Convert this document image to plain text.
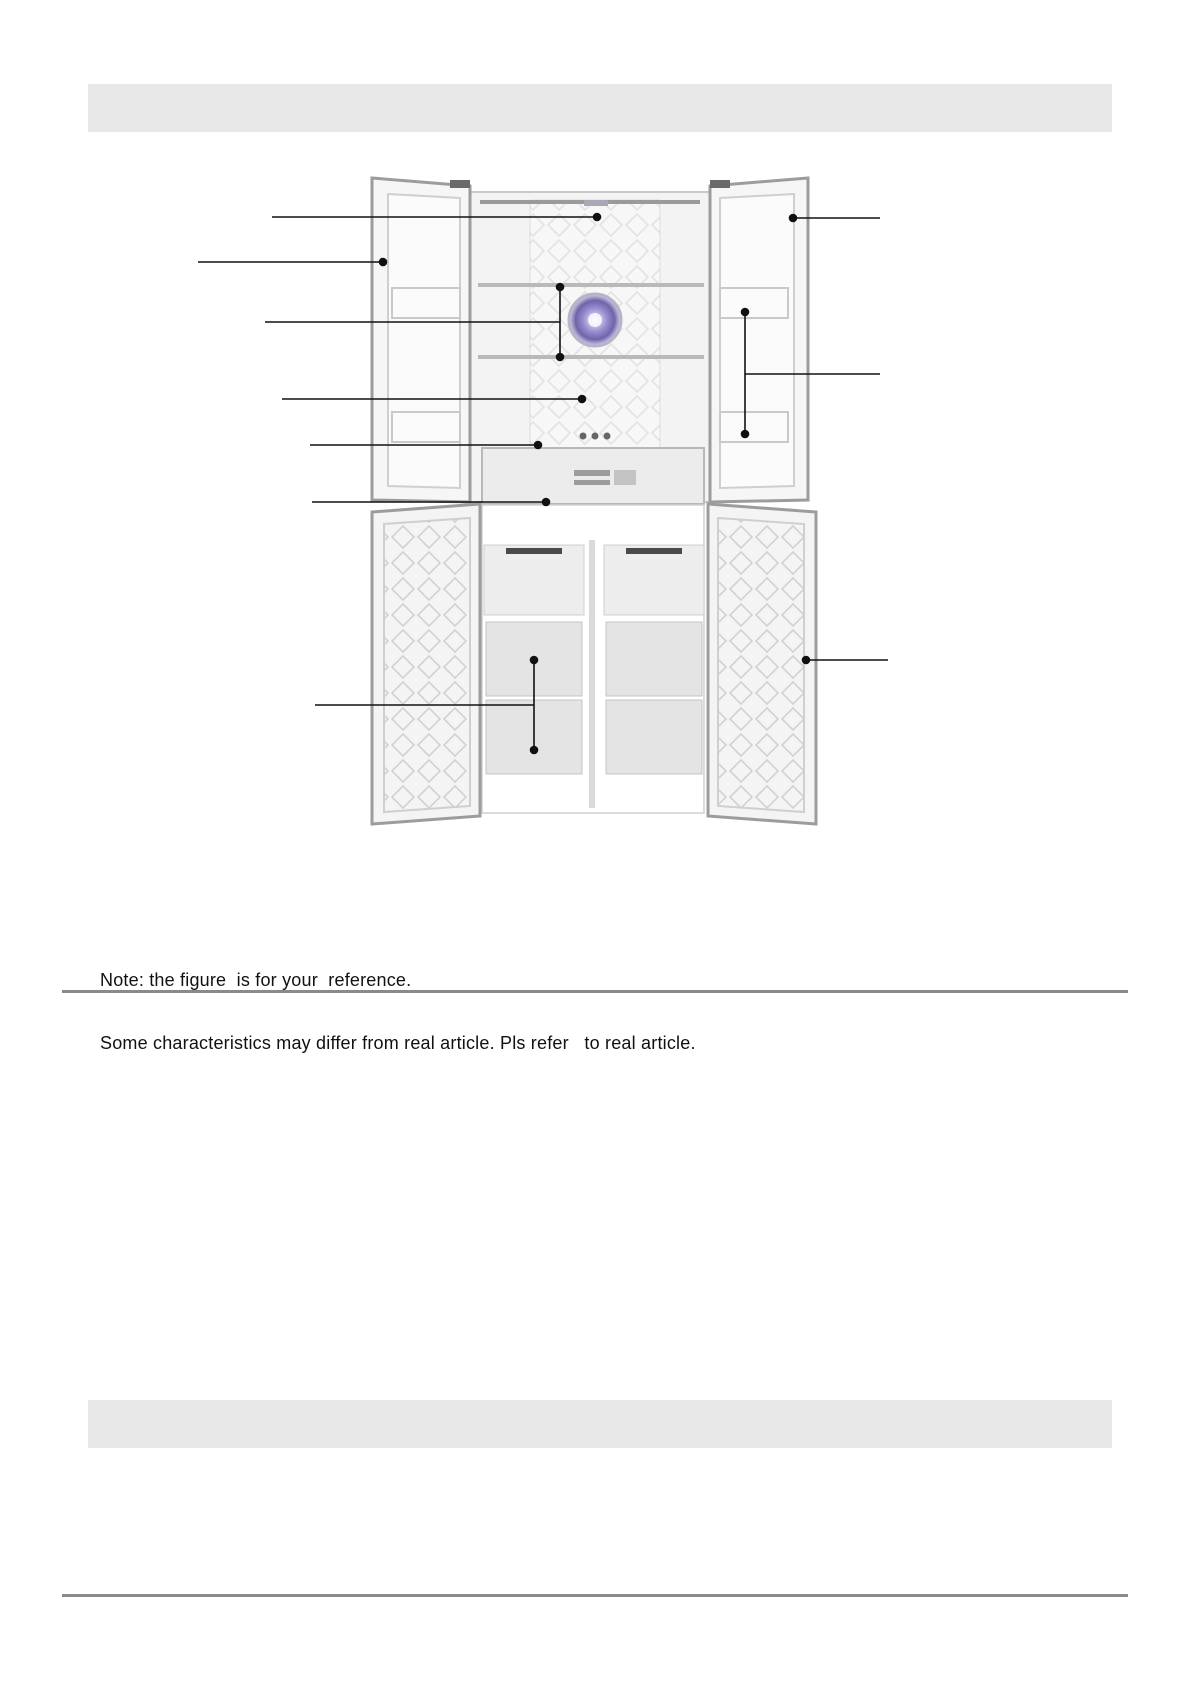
Note: the figure  is for your  reference.

Some characteristics may differ from real article. Pls refer   to real article.
